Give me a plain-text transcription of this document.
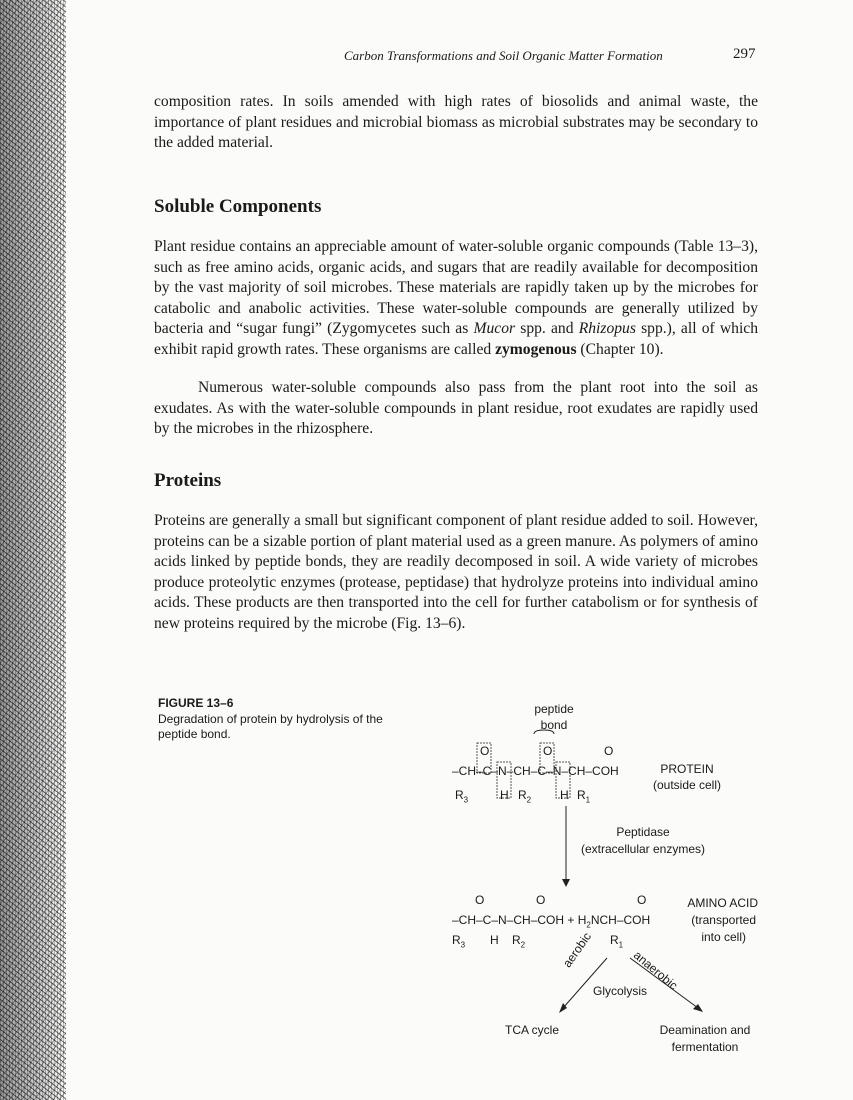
Carbon Transformations and Soil Organic Matter Formation	297

composition rates. In soils amended with high rates of biosolids and animal waste, the importance of plant residues and microbial biomass as microbial substrates may be secondary to the added material.

Soluble Components

Plant residue contains an appreciable amount of water-soluble organic compounds (Table 13–3), such as free amino acids, organic acids, and sugars that are readily available for decomposition by the vast majority of soil microbes. These materials are rapidly taken up by the microbes for catabolic and anabolic activities. These water-soluble compounds are generally utilized by bacteria and “sugar fungi” (Zygomycetes such as Mucor spp. and Rhizopus spp.), all of which exhibit rapid growth rates. These organisms are called zymogenous (Chapter 10).

Numerous water-soluble compounds also pass from the plant root into the soil as exudates. As with the water-soluble compounds in plant residue, root exudates are rapidly used by the microbes in the rhizosphere.

Proteins

Proteins are generally a small but significant component of plant residue added to soil. However, proteins can be a sizable portion of plant material used as a green manure. As polymers of amino acids linked by peptide bonds, they are readily decomposed in soil. A wide variety of microbes produce proteolytic enzymes (protease, peptidase) that hydrolyze proteins into individual amino acids. These products are then transported into the cell for further catabolism or for synthesis of new proteins required by the microbe (Fig. 13–6).

FIGURE 13–6
Degradation of protein by hydrolysis of the peptide bond.
peptide
bond
O	O	O
–CH–C–N–CH–C–N–CH–COH
$R_3$	H $R_2$ H $R_1$
PROTEIN
(outside cell)
Peptidase
(extracellular enzymes)
O	O	O
$-CH-C-N-CH-COH + H_2NCH$–COH
$R_3$ H $R_2$	$R_1$
AMINO ACID
(transported
into cell)
aerobic	anaerobic
Glycolysis
TCA cycle	Deamination and
fermentation
